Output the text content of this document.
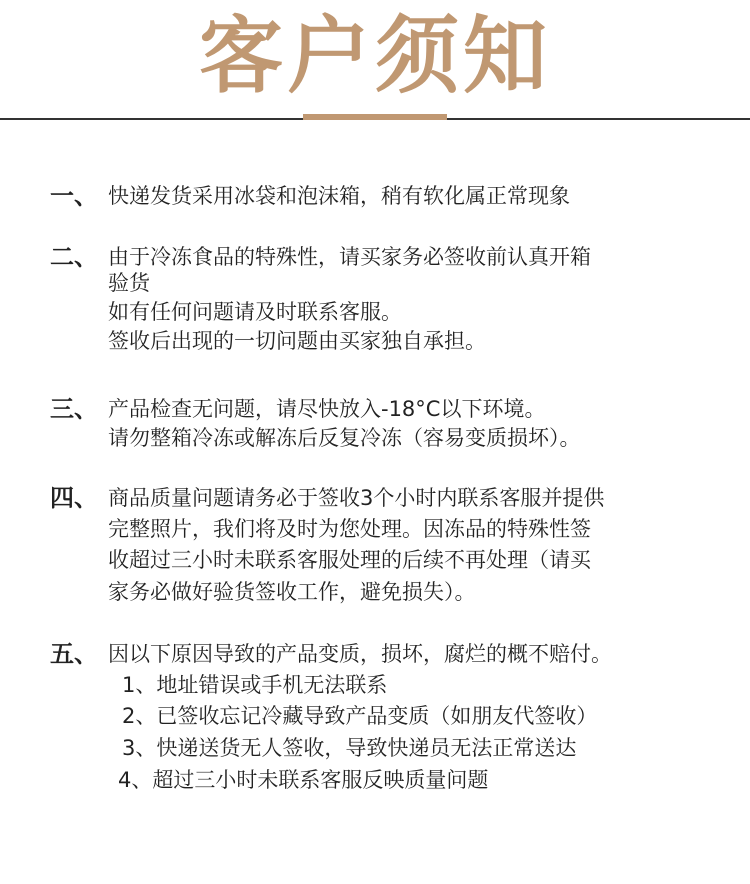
客户须知
一、 快递发货采用冰袋和泡沫箱，稍有软化属正常现象
二、 由于冷冻食品的特殊性，请买家务必签收前认真开箱
验货
如有任何问题请及时联系客服。
签收后出现的一切问题由买家独自承担。
三、 产品检查无问题，请尽快放入-18°C以下环境。
请勿整箱冷冻或解冻后反复冷冻（容易变质损坏）。
四、 商品质量问题请务必于签收3个小时内联系客服并提供
完整照片，我们将及时为您处理。因冻品的特殊性签
收超过三小时未联系客服处理的后续不再处理（请买
家务必做好验货签收工作，避免损失）。
五、 因以下原因导致的产品变质，损坏，腐烂的概不赔付。
1、地址错误或手机无法联系
2、已签收忘记冷藏导致产品变质（如朋友代签收）
3、快递送货无人签收，导致快递员无法正常送达
4、超过三小时未联系客服反映质量问题
